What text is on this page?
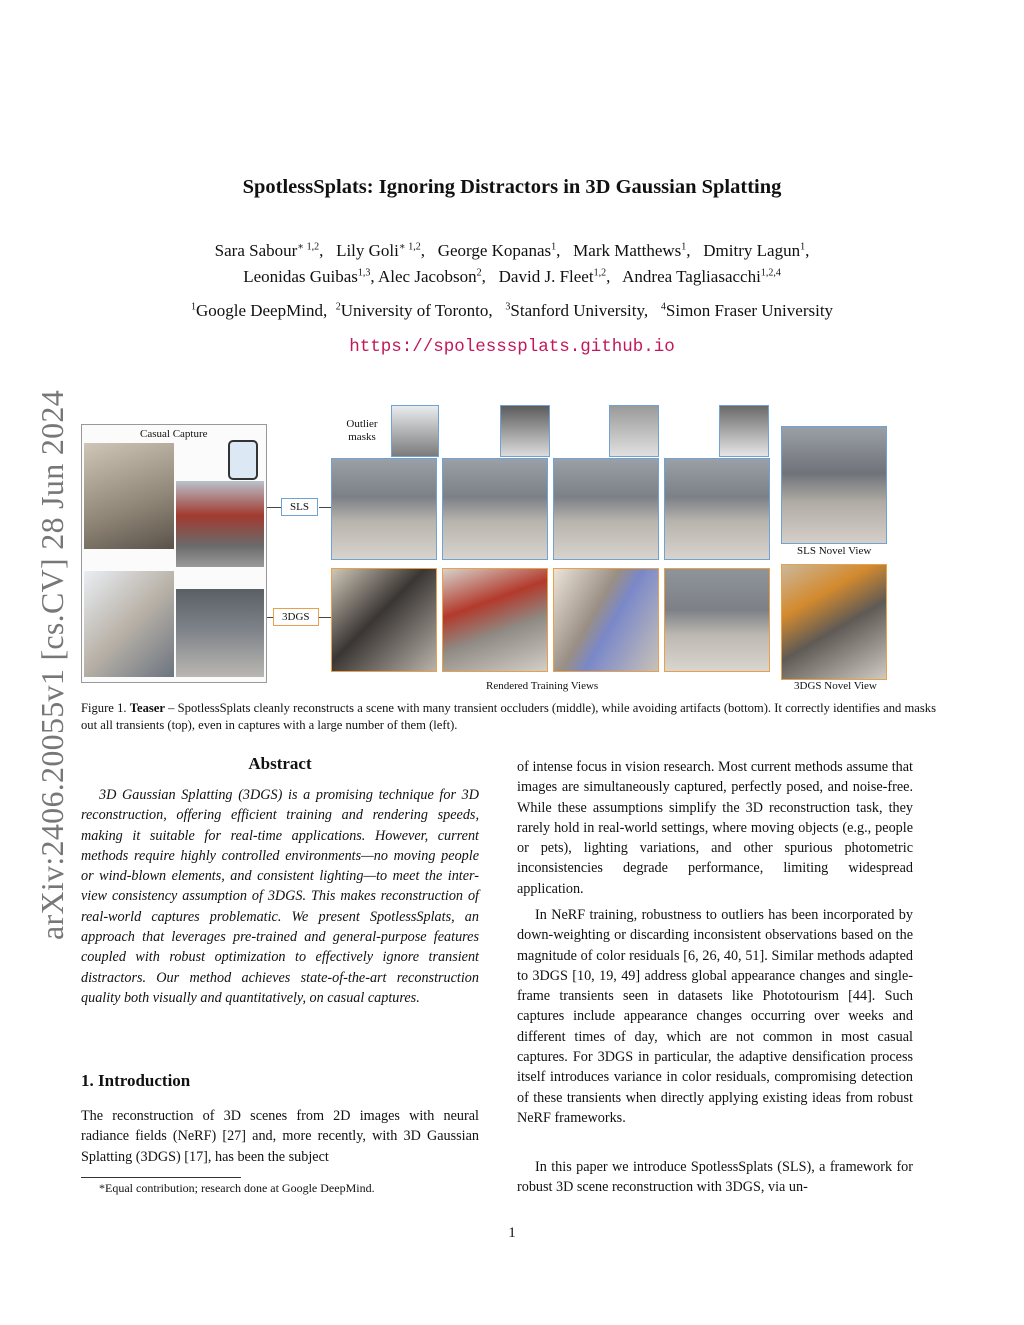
SpotlessSplats: Ignoring Distractors in 3D Gaussian Splatting
Sara Sabour$^{∗ 1,2}$,   Lily Goli$^{∗ 1,2}$,   George Kopanas$^1$,   Mark Matthews$^1$,   Dmitry Lagun$^1$,
Leonidas Guibas$^{1,3}$, Alec Jacobson$^2$,   David J. Fleet$^{1,2}$,   Andrea Tagliasacchi$^{1,2,4}$
$^1$Google DeepMind,  $^2$University of Toronto,   $^3$Stanford University,   $^4$Simon Fraser University
https://spolesssplats.github.io
arXiv:2406.20055v1 [cs.CV] 28 Jun 2024	Casual Capture
SLS
3DGS
Outlier masks
SLS Novel View
3DGS Novel View
Rendered Training Views
Figure 1. Teaser – SpotlessSplats cleanly reconstructs a scene with many transient occluders (middle), while avoiding artifacts (bottom). It correctly identifies and masks out all transients (top), even in captures with a large number of them (left).
Abstract
3D Gaussian Splatting (3DGS) is a promising technique for 3D reconstruction, offering efficient training and rendering speeds, making it suitable for real-time applications. However, current methods require highly controlled environments—no moving people or wind-blown elements, and consistent lighting—to meet the inter-view consistency assumption of 3DGS. This makes reconstruction of real-world captures problematic. We present SpotlessSplats, an approach that leverages pre-trained and general-purpose features coupled with robust optimization to effectively ignore transient distractors. Our method achieves state-of-the-art reconstruction quality both visually and quantitatively, on casual captures.
1. Introduction
The reconstruction of 3D scenes from 2D images with neural radiance fields (NeRF) [27] and, more recently, with 3D Gaussian Splatting (3DGS) [17], has been the subject
*Equal contribution; research done at Google DeepMind.
of intense focus in vision research. Most current methods assume that images are simultaneously captured, perfectly posed, and noise-free. While these assumptions simplify the 3D reconstruction task, they rarely hold in real-world settings, where moving objects (e.g., people or pets), lighting variations, and other spurious photometric inconsistencies degrade performance, limiting widespread application.
In NeRF training, robustness to outliers has been incorporated by down-weighting or discarding inconsistent observations based on the magnitude of color residuals [6, 26, 40, 51]. Similar methods adapted to 3DGS [10, 19, 49] address global appearance changes and single-frame transients seen in datasets like Phototourism [44]. Such captures include appearance changes occurring over weeks and different times of day, which are not common in most casual captures. For 3DGS in particular, the adaptive densification process itself introduces variance in color residuals, compromising detection of these transients when directly applying existing ideas from robust NeRF frameworks.
In this paper we introduce SpotlessSplats (SLS), a framework for robust 3D scene reconstruction with 3DGS, via un-
1
